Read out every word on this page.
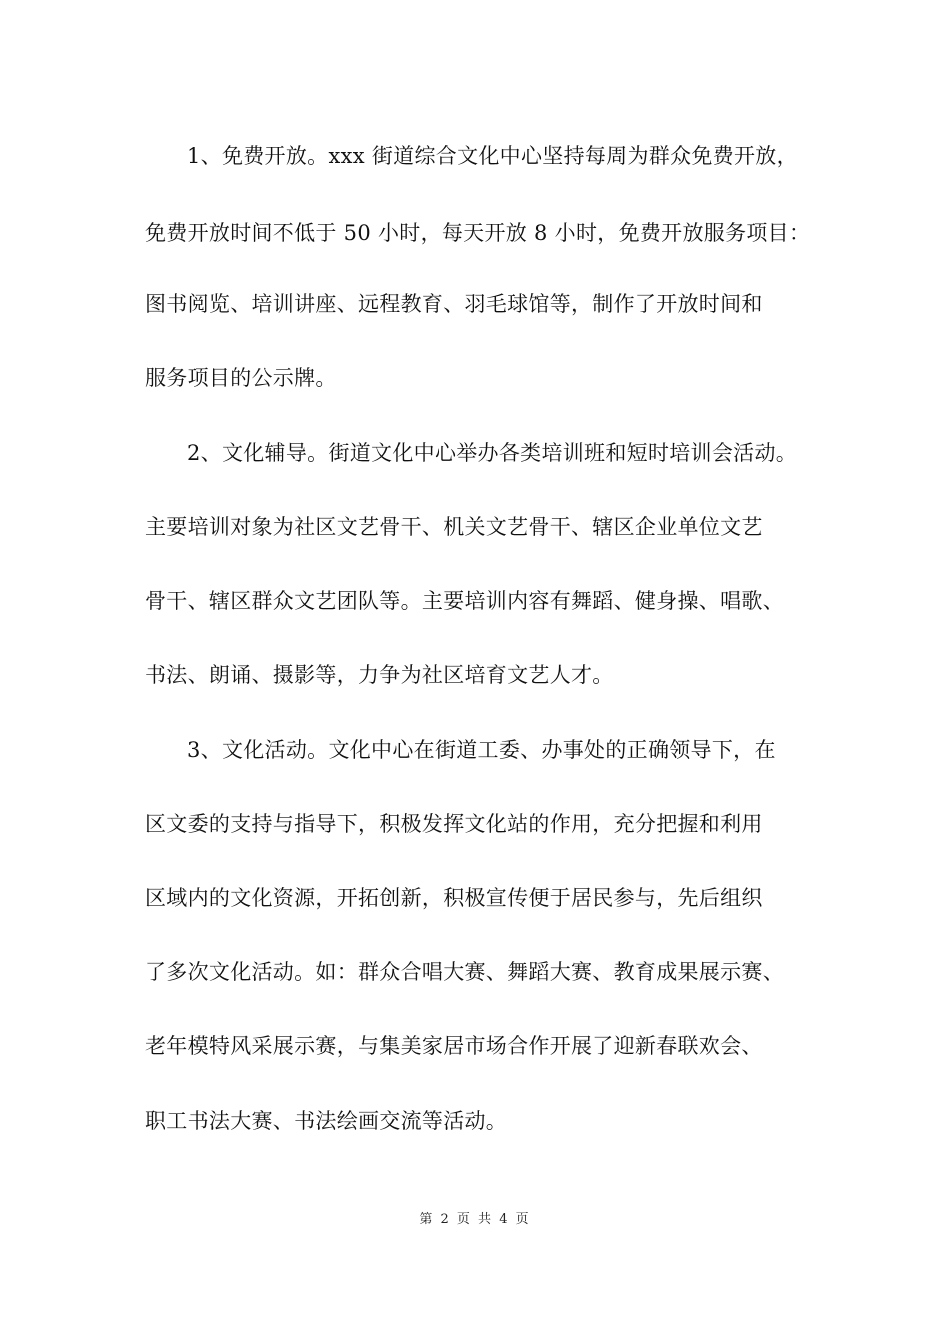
1、免费开放。xxx 街道综合文化中心坚持每周为群众免费开放，
免费开放时间不低于 50 小时，每天开放 8 小时，免费开放服务项目：
图书阅览、培训讲座、远程教育、羽毛球馆等，制作了开放时间和
服务项目的公示牌。
2、文化辅导。街道文化中心举办各类培训班和短时培训会活动。
主要培训对象为社区文艺骨干、机关文艺骨干、辖区企业单位文艺
骨干、辖区群众文艺团队等。主要培训内容有舞蹈、健身操、唱歌、
书法、朗诵、摄影等，力争为社区培育文艺人才。
3、文化活动。文化中心在街道工委、办事处的正确领导下，在
区文委的支持与指导下，积极发挥文化站的作用，充分把握和利用
区域内的文化资源，开拓创新，积极宣传便于居民参与，先后组织
了多次文化活动。如：群众合唱大赛、舞蹈大赛、教育成果展示赛、
老年模特风采展示赛，与集美家居市场合作开展了迎新春联欢会、
职工书法大赛、书法绘画交流等活动。
第 2 页 共 4 页
